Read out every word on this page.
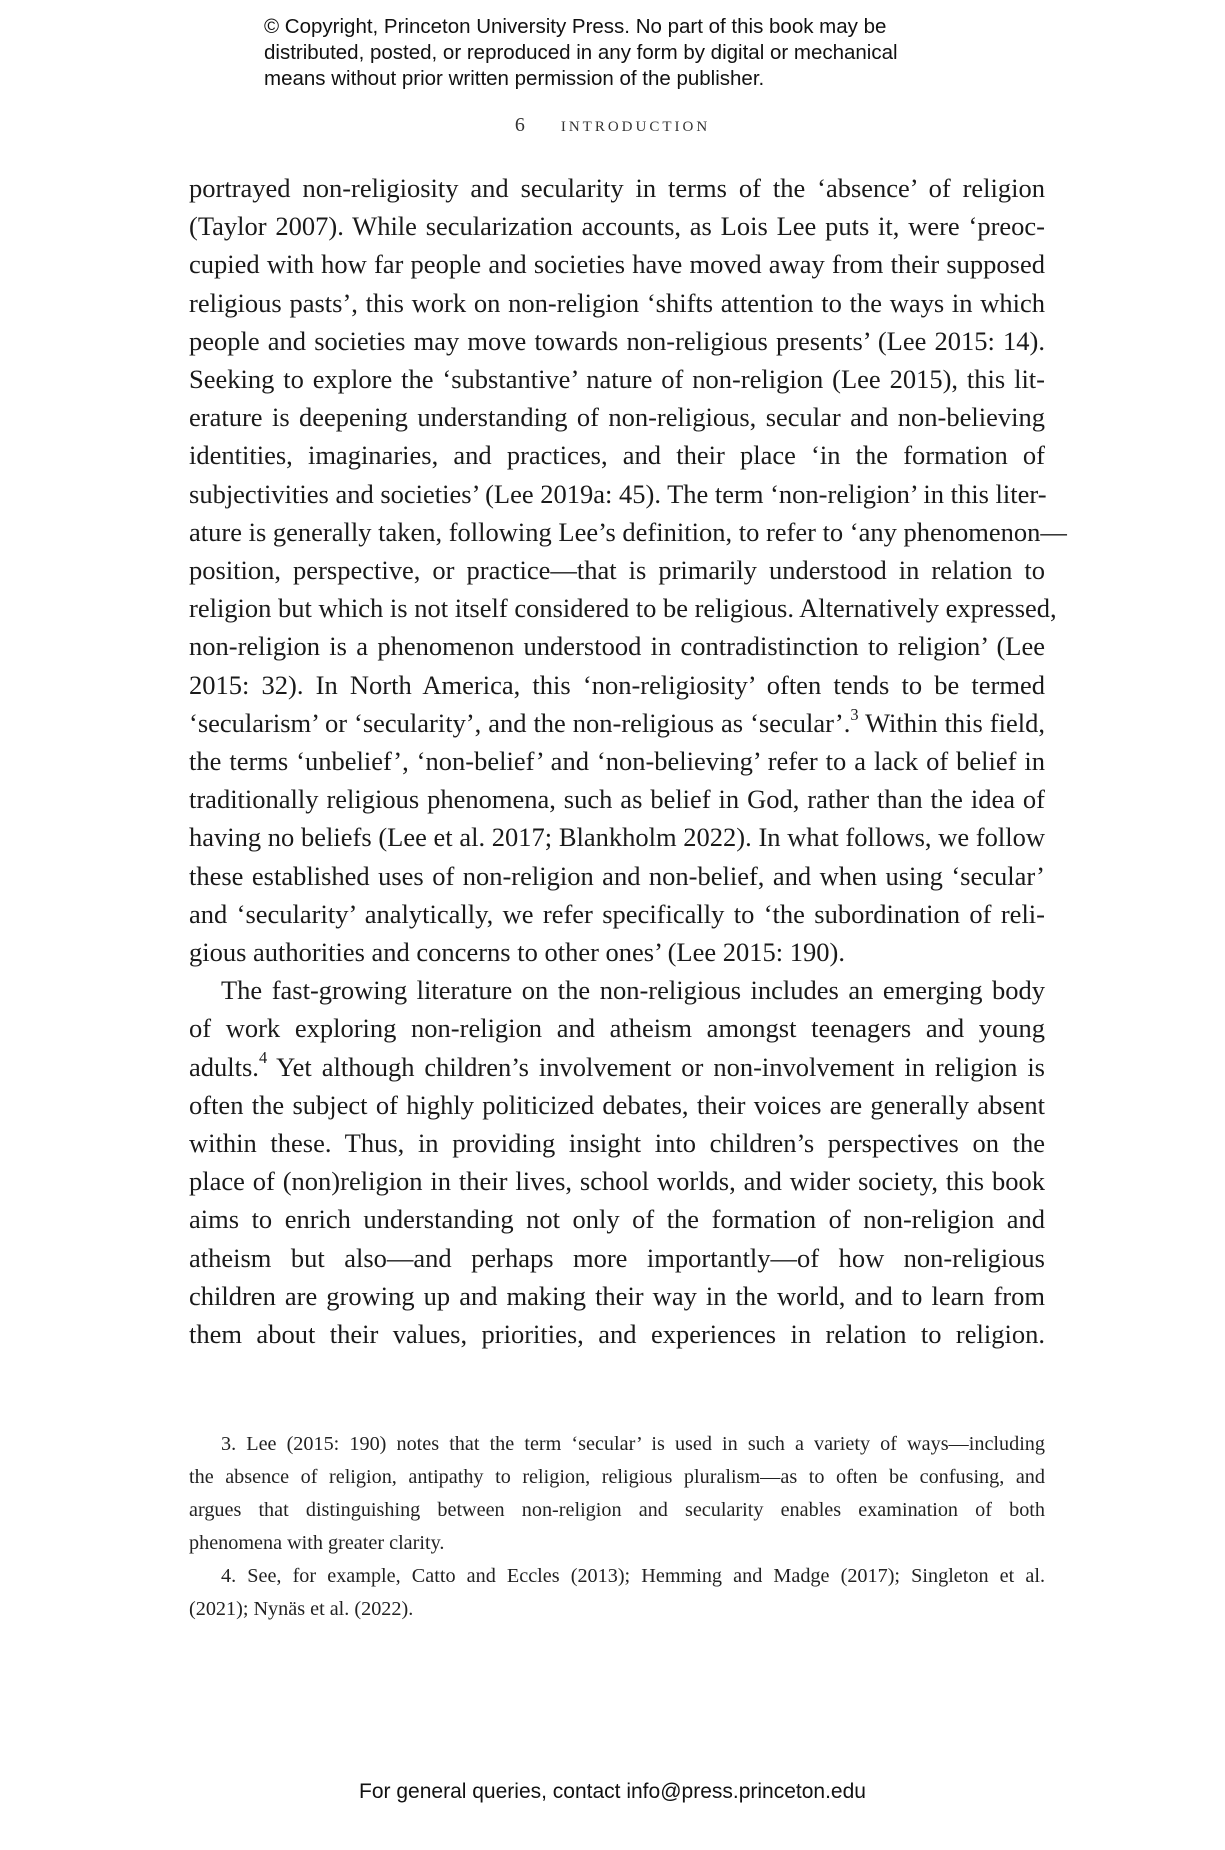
© Copyright, Princeton University Press. No part of this book may be
distributed, posted, or reproduced in any form by digital or mechanical
means without prior written permission of the publisher.
6 introduction
portrayed non-religiosity and secularity in terms of the ‘absence’ of religion
(Taylor 2007). While secularization accounts, as Lois Lee puts it, were ‘preoc-
cupied with how far people and societies have moved away from their supposed
religious pasts’, this work on non-religion ‘shifts attention to the ways in which
people and societies may move towards non-religious presents’ (Lee 2015: 14).
Seeking to explore the ‘substantive’ nature of non-religion (Lee 2015), this lit-
erature is deepening understanding of non-religious, secular and non-believing
identities, imaginaries, and practices, and their place ‘in the formation of
subjectivities and societies’ (Lee 2019a: 45). The term ‘non-religion’ in this liter-
ature is generally taken, following Lee’s definition, to refer to ‘any phenomenon—
position, perspective, or practice—that is primarily understood in relation to
religion but which is not itself considered to be religious. Alternatively expressed,
non-religion is a phenomenon understood in contradistinction to religion’ (Lee
2015: 32). In North America, this ‘non-religiosity’ often tends to be termed
‘secularism’ or ‘secularity’, and the non-religious as ‘secular’.$^3$ Within this field,
the terms ‘unbelief’, ‘non-belief’ and ‘non-believing’ refer to a lack of belief in
traditionally religious phenomena, such as belief in God, rather than the idea of
having no beliefs (Lee et al. 2017; Blankholm 2022). In what follows, we follow
these established uses of non-religion and non-belief, and when using ‘secular’
and ‘secularity’ analytically, we refer specifically to ‘the subordination of reli-
gious authorities and concerns to other ones’ (Lee 2015: 190).
The fast-growing literature on the non-religious includes an emerging body
of work exploring non-religion and atheism amongst teenagers and young
adults.$^4$ Yet although children’s involvement or non-involvement in religion is
often the subject of highly politicized debates, their voices are generally absent
within these. Thus, in providing insight into children’s perspectives on the
place of (non)religion in their lives, school worlds, and wider society, this book
aims to enrich understanding not only of the formation of non-religion and
atheism but also—and perhaps more importantly—of how non-religious
children are growing up and making their way in the world, and to learn from
them about their values, priorities, and experiences in relation to religion.
3. Lee (2015: 190) notes that the term ‘secular’ is used in such a variety of ways—including
the absence of religion, antipathy to religion, religious pluralism—as to often be confusing, and
argues that distinguishing between non-religion and secularity enables examination of both
phenomena with greater clarity.
4. See, for example, Catto and Eccles (2013); Hemming and Madge (2017); Singleton et al.
(2021); Nynäs et al. (2022).
For general queries, contact info@press.princeton.edu
